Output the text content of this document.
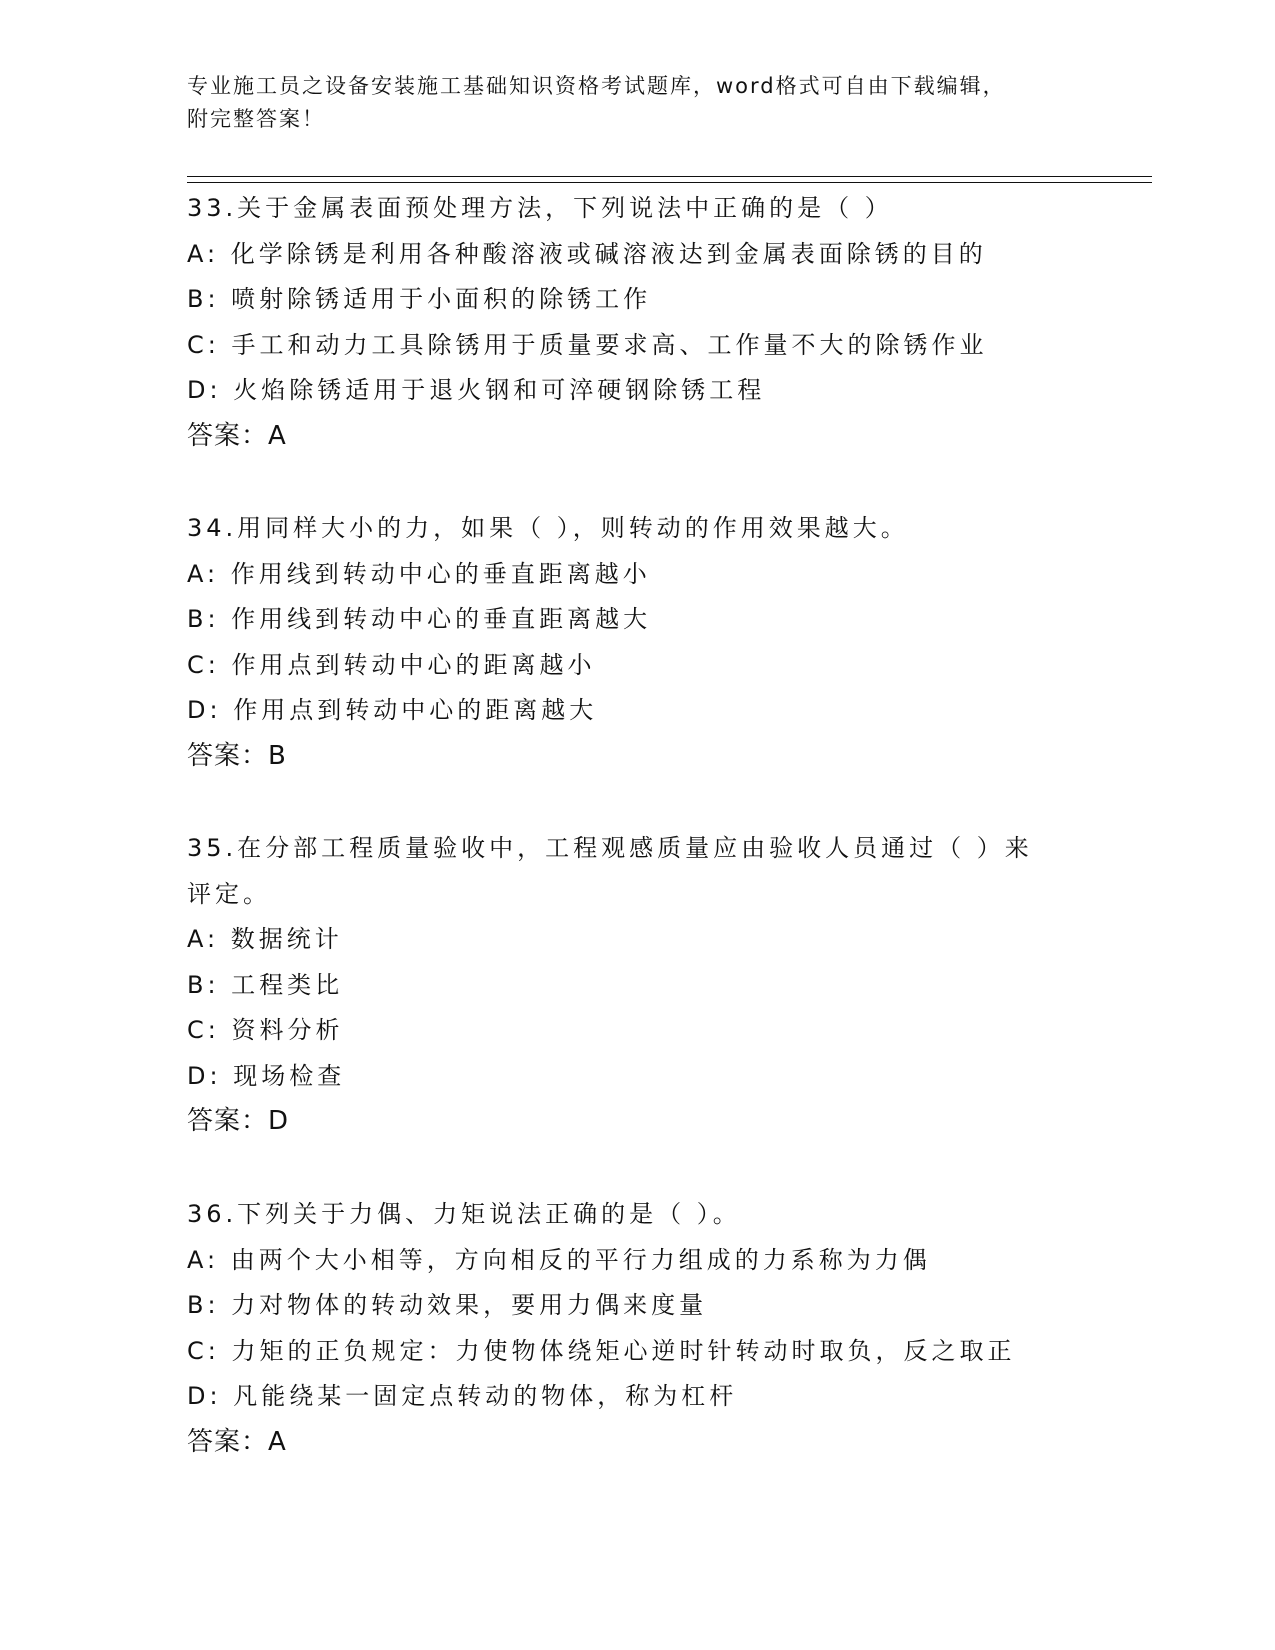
专业施工员之设备安装施工基础知识资格考试题库，word格式可自由下载编辑，
附完整答案！
33.关于金属表面预处理方法，下列说法中正确的是（ ）
A: 化学除锈是利用各种酸溶液或碱溶液达到金属表面除锈的目的
B: 喷射除锈适用于小面积的除锈工作
C: 手工和动力工具除锈用于质量要求高、工作量不大的除锈作业
D: 火焰除锈适用于退火钢和可淬硬钢除锈工程
答案：A
34.用同样大小的力，如果（ ），则转动的作用效果越大。
A: 作用线到转动中心的垂直距离越小
B: 作用线到转动中心的垂直距离越大
C: 作用点到转动中心的距离越小
D: 作用点到转动中心的距离越大
答案：B
35.在分部工程质量验收中，工程观感质量应由验收人员通过（ ）来
评定。
A: 数据统计
B: 工程类比
C: 资料分析
D: 现场检查
答案：D
36.下列关于力偶、力矩说法正确的是（ ）。
A: 由两个大小相等，方向相反的平行力组成的力系称为力偶
B: 力对物体的转动效果，要用力偶来度量
C: 力矩的正负规定：力使物体绕矩心逆时针转动时取负，反之取正
D: 凡能绕某一固定点转动的物体，称为杠杆
答案：A
